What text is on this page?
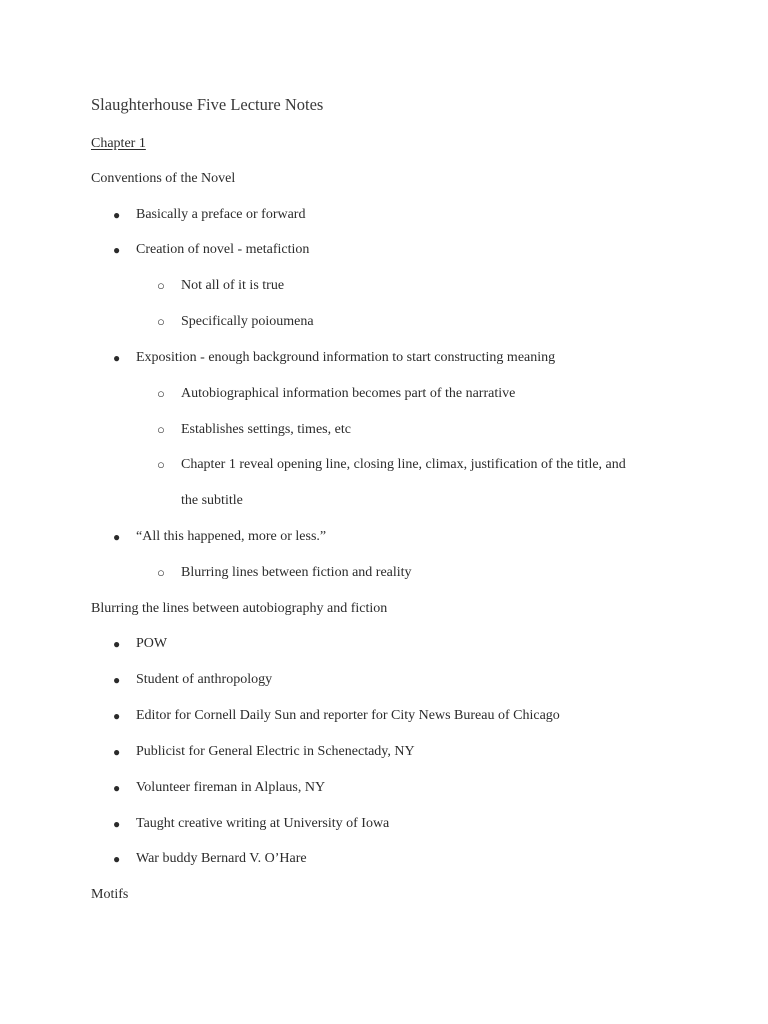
Slaughterhouse Five Lecture Notes
Chapter 1
Conventions of the Novel
● Basically a preface or forward
● Creation of novel - metafiction
○ Not all of it is true
○ Specifically poioumena
● Exposition - enough background information to start constructing meaning
○ Autobiographical information becomes part of the narrative
○ Establishes settings, times, etc
○ Chapter 1 reveal opening line, closing line, climax, justification of the title, and
the subtitle
● “All this happened, more or less.”
○ Blurring lines between fiction and reality
Blurring the lines between autobiography and fiction
● POW
● Student of anthropology
● Editor for Cornell Daily Sun and reporter for City News Bureau of Chicago
● Publicist for General Electric in Schenectady, NY
● Volunteer fireman in Alplaus, NY
● Taught creative writing at University of Iowa
● War buddy Bernard V. O’Hare
Motifs
